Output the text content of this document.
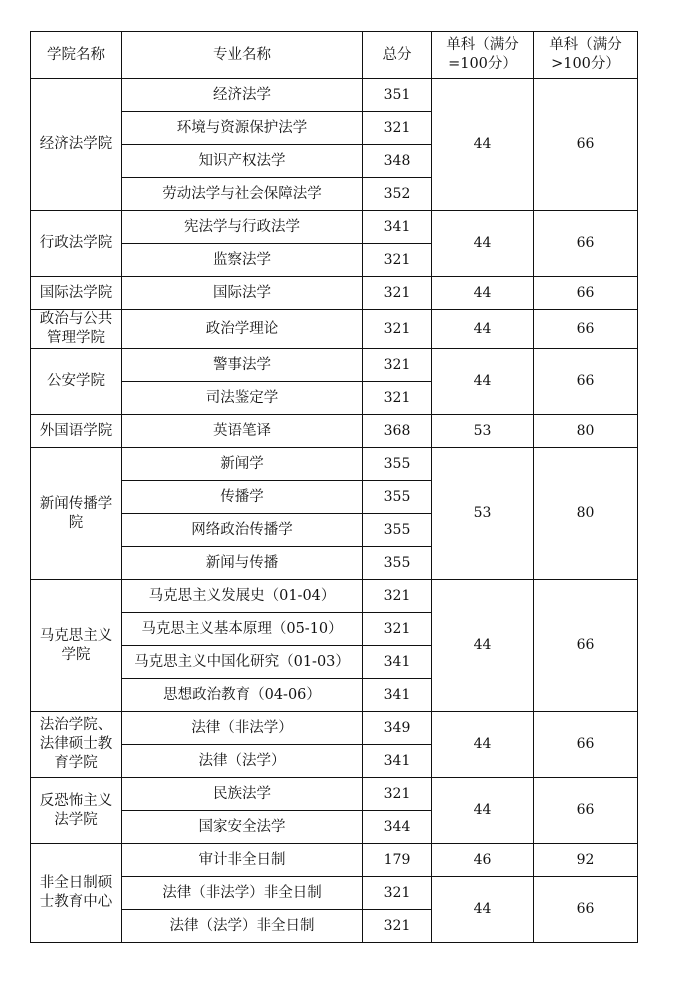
学院名称	专业名称	总分	单科（满分=100分）	单科（满分>100分）
经济法学院	经济法学	351	44	66
	环境与资源保护法学	321		
	知识产权法学	348		
	劳动法学与社会保障法学	352		
行政法学院	宪法学与行政法学	341	44	66
	监察法学	321		
国际法学院	国际法学	321	44	66
政治与公共管理学院	政治学理论	321	44	66
公安学院	警事法学	321	44	66
	司法鉴定学	321		
外国语学院	英语笔译	368	53	80
新闻传播学院	新闻学	355	53	80
	传播学	355		
	网络政治传播学	355		
	新闻与传播	355		
马克思主义学院	马克思主义发展史（01-04）	321	44	66
	马克思主义基本原理（05-10）	321		
	马克思主义中国化研究（01-03）	341		
	思想政治教育（04-06）	341		
法治学院、法律硕士教育学院	法律（非法学）	349	44	66
	法律（法学）	341		
反恐怖主义法学院	民族法学	321	44	66
	国家安全法学	344		
非全日制硕士教育中心	审计非全日制	179	46	92
	法律（非法学）非全日制	321	44	66
	法律（法学）非全日制	321		
